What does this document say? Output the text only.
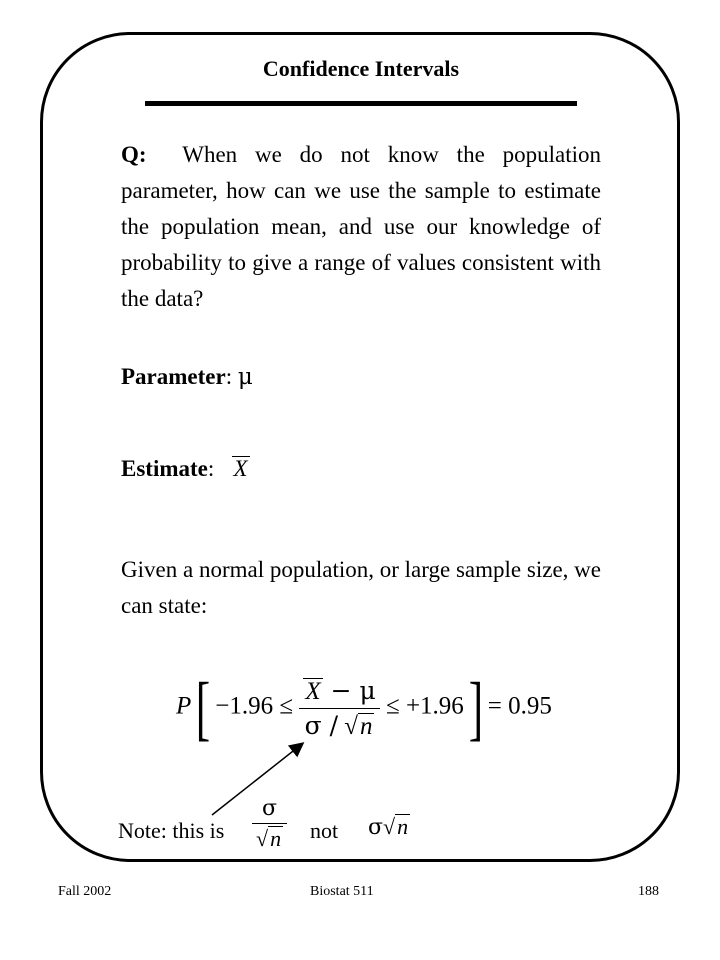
Confidence Intervals
Q: When we do not know the population parameter, how can we use the sample to estimate the population mean, and use our knowledge of probability to give a range of values consistent with the data?
Parameter: μ
Estimate:   X
Given a normal population, or large sample size, we can state:
$P[ -1.96 \le \frac{X - \mu}{\sigma / √n} \le +1.96] = 0.95$
Note: this is $\frac{\sigma}{√n}$ not σ√n
Fall 2002	Biostat 511	188
